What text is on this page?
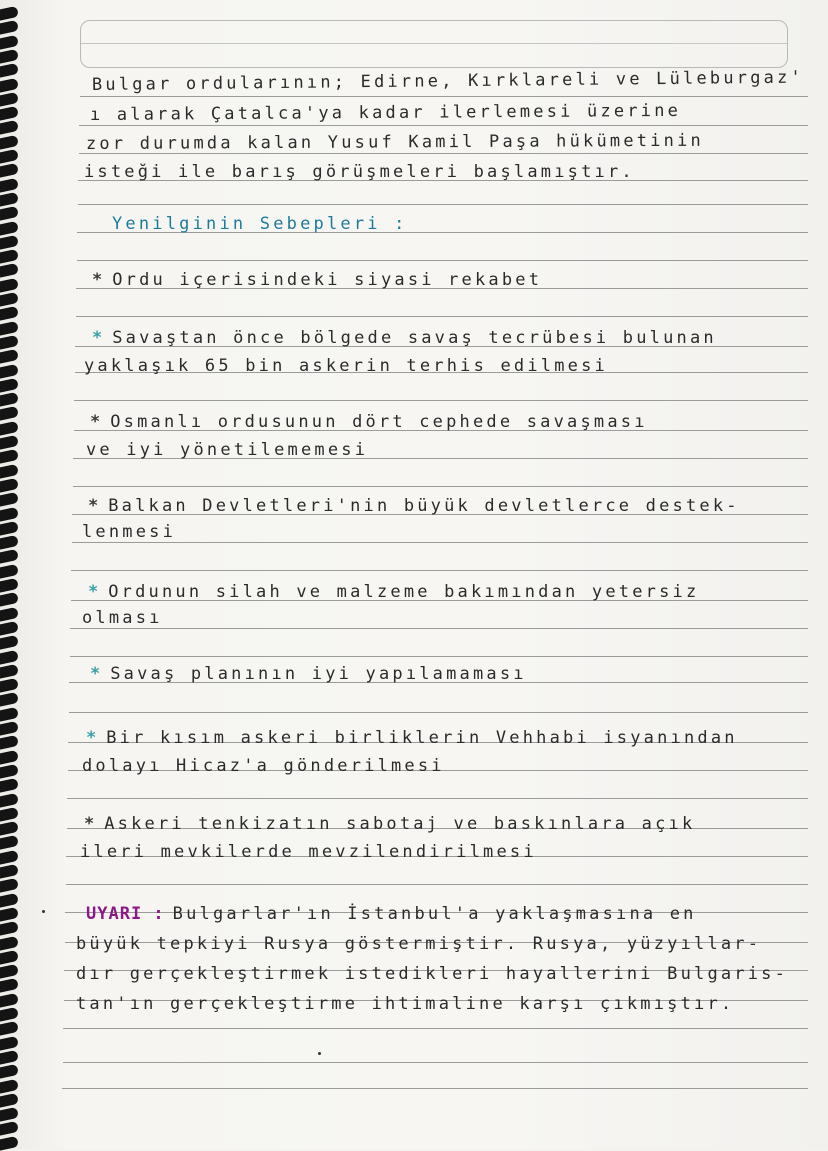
Bulgar ordularının; Edirne, Kırklareli ve Lüleburgaz'
ı alarak Çatalca'ya kadar ilerlemesi üzerine
zor durumda kalan Yusuf Kamil Paşa hükümetinin
isteği ile barış görüşmeleri başlamıştır.
Yenilginin Sebepleri :
* Ordu içerisindeki siyasi rekabet
* Savaştan önce bölgede savaş tecrübesi bulunan
yaklaşık 65 bin askerin terhis edilmesi
* Osmanlı ordusunun dört cephede savaşması
ve iyi yönetilememesi
* Balkan Devletleri'nin büyük devletlerce destek-
lenmesi
* Ordunun silah ve malzeme bakımından yetersiz
olması
* Savaş planının iyi yapılamaması
* Bir kısım askeri birliklerin Vehhabi isyanından
dolayı Hicaz'a gönderilmesi
* Askeri tenkizatın sabotaj ve baskınlara açık
ileri mevkilerde mevzilendirilmesi
UYARI : Bulgarlar'ın İstanbul'a yaklaşmasına en
büyük tepkiyi Rusya göstermiştir. Rusya, yüzyıllar-
dır gerçekleştirmek istedikleri hayallerini Bulgaris-
tan'ın gerçekleştirme ihtimaline karşı çıkmıştır.
